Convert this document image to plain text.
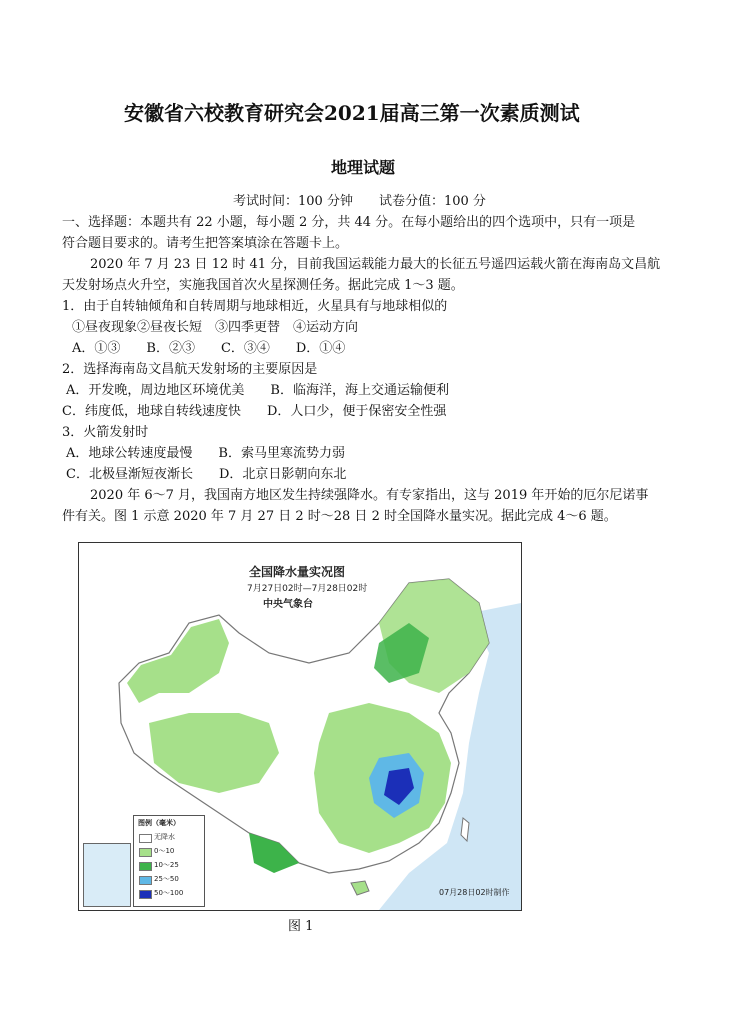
安徽省六校教育研究会2021届高三第一次素质测试
地理试题
考试时间：100 分钟　　试卷分值：100 分
一、选择题：本题共有 22 小题，每小题 2 分，共 44 分。在每小题给出的四个选项中，只有一项是
符合题目要求的。请考生把答案填涂在答题卡上。
2020 年 7 月 23 日 12 时 41 分，目前我国运载能力最大的长征五号遥四运载火箭在海南岛文昌航
天发射场点火升空，实施我国首次火星探测任务。据此完成 1～3 题。
1．由于自转轴倾角和自转周期与地球相近，火星具有与地球相似的
①昼夜现象②昼夜长短　③四季更替　④运动方向
A．①③　　B．②③　　C．③④　　D．①④
2．选择海南岛文昌航天发射场的主要原因是
A．开发晚，周边地区环境优美　　B．临海洋，海上交通运输便利
C．纬度低，地球自转线速度快　　D．人口少，便于保密安全性强
3．火箭发射时
A．地球公转速度最慢　　B．索马里寒流势力弱
C．北极昼渐短夜渐长　　D．北京日影朝向东北
2020 年 6～7 月，我国南方地区发生持续强降水。有专家指出，这与 2019 年开始的厄尔尼诺事
件有关。图 1 示意 2020 年 7 月 27 日 2 时～28 日 2 时全国降水量实况。据此完成 4～6 题。
全国降水量实况图
7月27日02时—7月28日02时
中央气象台
图例（毫米）
无降水
0～10
10～25
25～50
50～100	07月28日02时制作
图 1
